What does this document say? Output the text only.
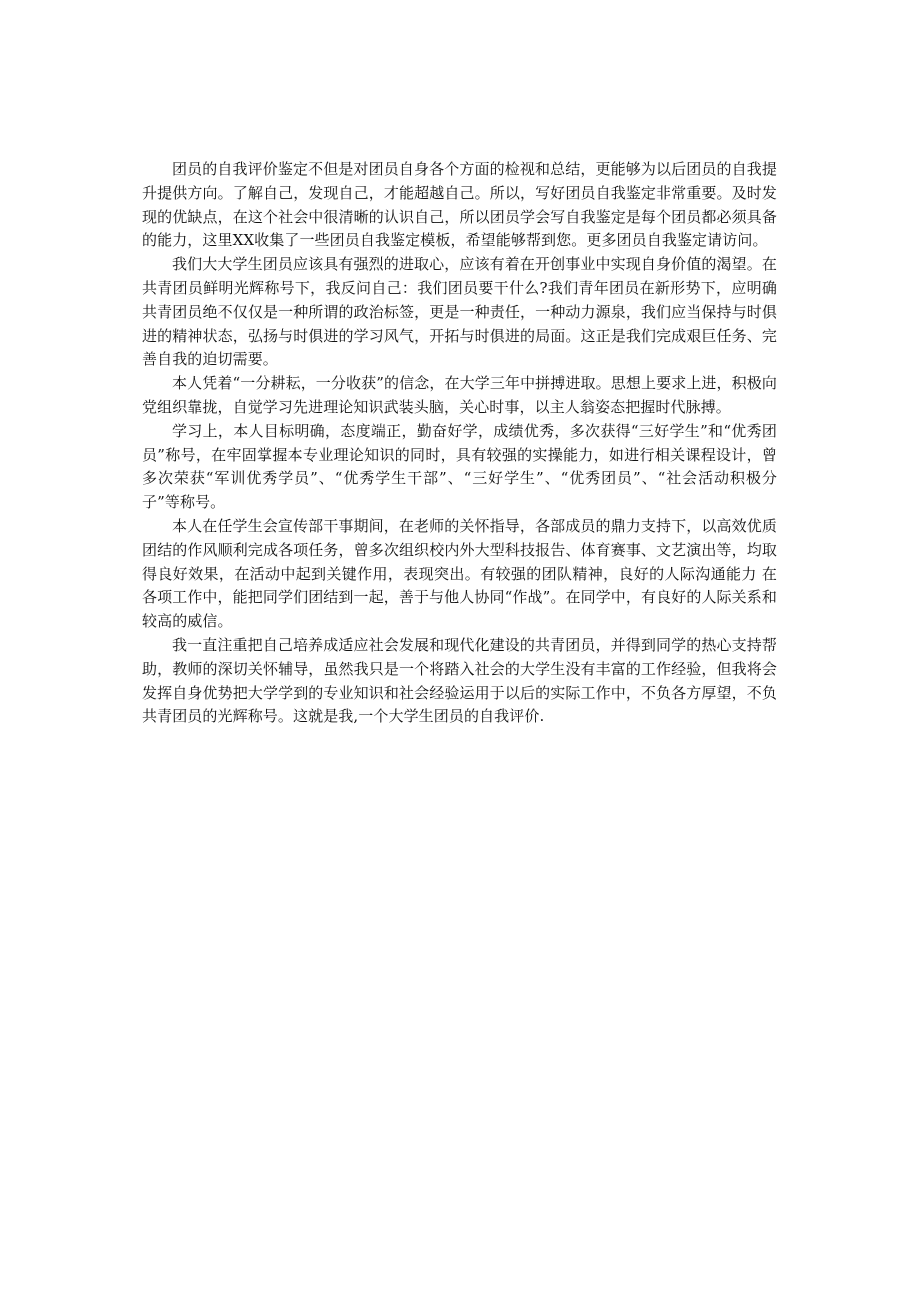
团员的自我评价鉴定不但是对团员自身各个方面的检视和总结，更能够为以后团员的自我提升提供方向。了解自己，发现自己，才能超越自己。所以，写好团员自我鉴定非常重要。及时发现的优缺点，在这个社会中很清晰的认识自己，所以团员学会写自我鉴定是每个团员都必须具备的能力，这里XX收集了一些团员自我鉴定模板，希望能够帮到您。更多团员自我鉴定请访问。

我们大大学生团员应该具有强烈的进取心，应该有着在开创事业中实现自身价值的渴望。在共青团员鲜明光辉称号下，我反问自己：我们团员要干什么?我们青年团员在新形势下，应明确共青团员绝不仅仅是一种所谓的政治标签，更是一种责任，一种动力源泉，我们应当保持与时俱进的精神状态，弘扬与时俱进的学习风气，开拓与时俱进的局面。这正是我们完成艰巨任务、完善自我的迫切需要。

本人凭着“一分耕耘，一分收获”的信念，在大学三年中拼搏进取。思想上要求上进，积极向党组织靠拢，自觉学习先进理论知识武装头脑，关心时事，以主人翁姿态把握时代脉搏。

学习上，本人目标明确，态度端正，勤奋好学，成绩优秀，多次获得“三好学生”和“优秀团员”称号，在牢固掌握本专业理论知识的同时，具有较强的实操能力，如进行相关课程设计，曾多次荣获“军训优秀学员”、“优秀学生干部”、“三好学生”、“优秀团员”、“社会活动积极分子”等称号。

本人在任学生会宣传部干事期间，在老师的关怀指导，各部成员的鼎力支持下，以高效优质团结的作风顺利完成各项任务，曾多次组织校内外大型科技报告、体育赛事、文艺演出等，均取得良好效果，在活动中起到关键作用，表现突出。有较强的团队精神，良好的人际沟通能力 在各项工作中，能把同学们团结到一起，善于与他人协同“作战”。在同学中，有良好的人际关系和较高的威信。

我一直注重把自己培养成适应社会发展和现代化建设的共青团员，并得到同学的热心支持帮助，教师的深切关怀辅导，虽然我只是一个将踏入社会的大学生没有丰富的工作经验，但我将会发挥自身优势把大学学到的专业知识和社会经验运用于以后的实际工作中，不负各方厚望，不负共青团员的光辉称号。这就是我,一个大学生团员的自我评价.
